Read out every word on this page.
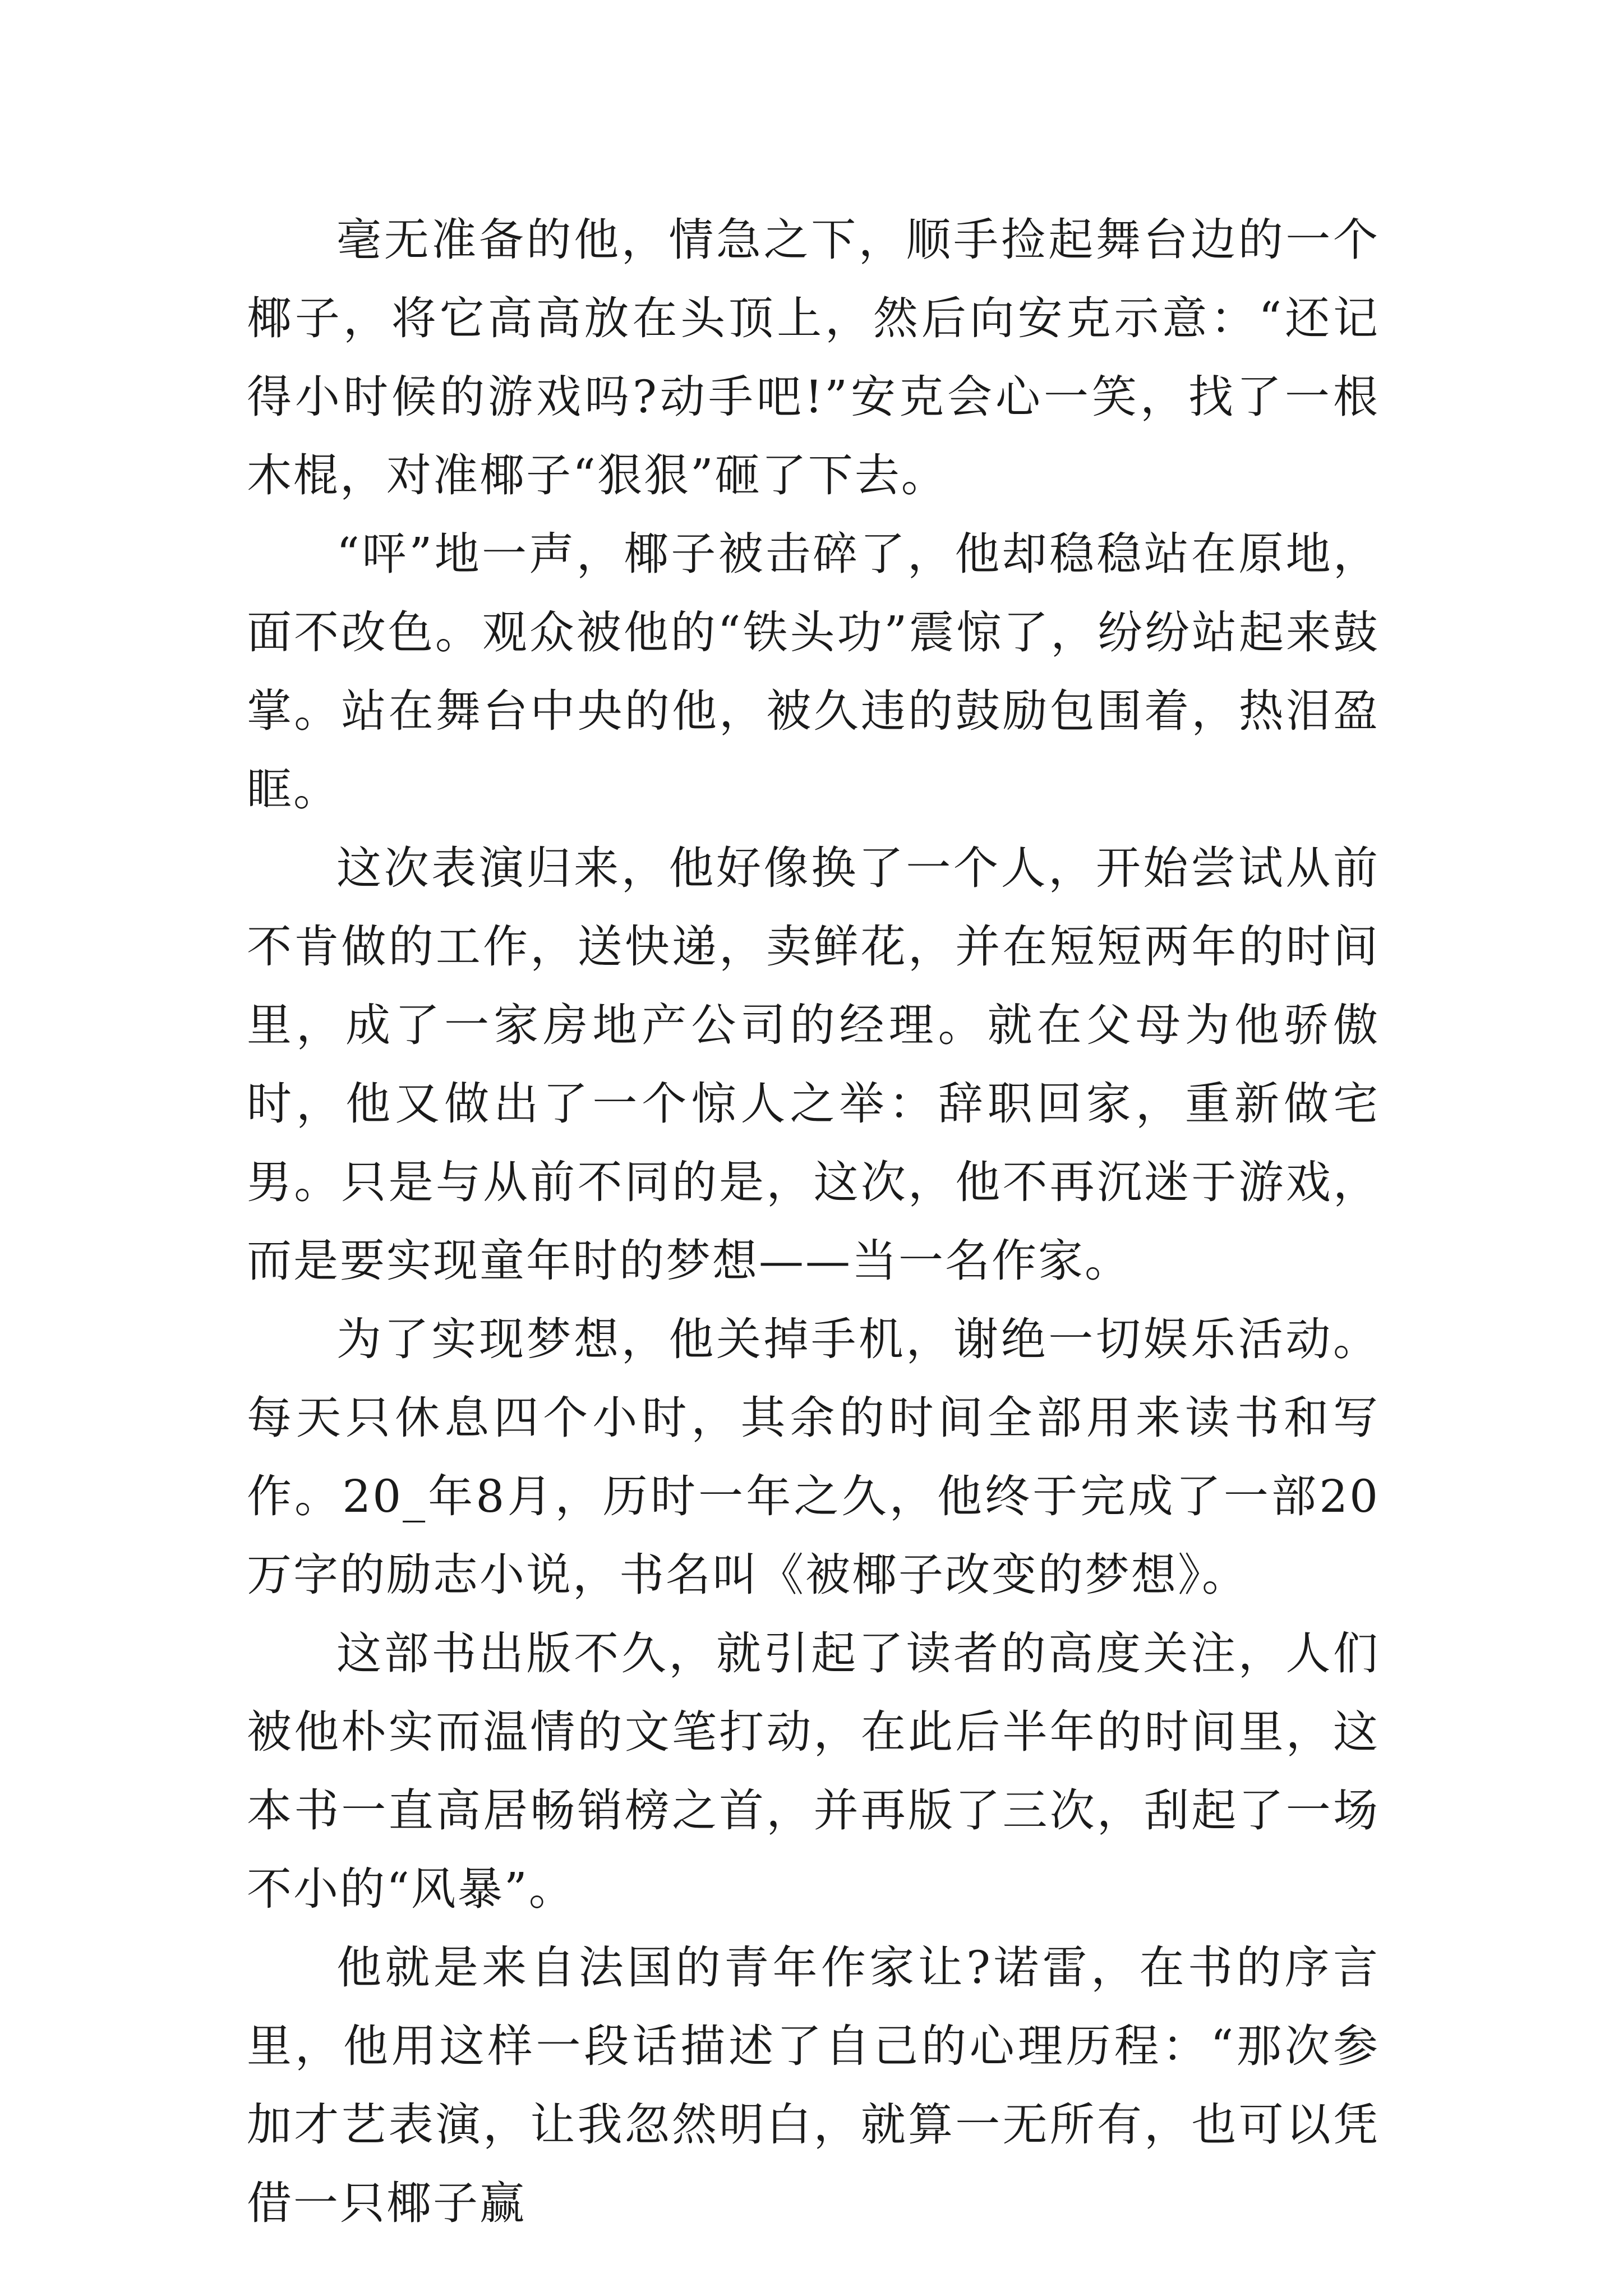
毫无准备的他，情急之下，顺手捡起舞台边的一个椰子，将它高高放在头顶上，然后向安克示意：“还记得小时候的游戏吗?动手吧!”安克会心一笑，找了一根木棍，对准椰子“狠狠”砸了下去。

“呯”地一声，椰子被击碎了，他却稳稳站在原地，面不改色。观众被他的“铁头功”震惊了，纷纷站起来鼓掌。站在舞台中央的他，被久违的鼓励包围着，热泪盈眶。

这次表演归来，他好像换了一个人，开始尝试从前不肯做的工作，送快递，卖鲜花，并在短短两年的时间里，成了一家房地产公司的经理。就在父母为他骄傲时，他又做出了一个惊人之举：辞职回家，重新做宅男。只是与从前不同的是，这次，他不再沉迷于游戏，而是要实现童年时的梦想——当一名作家。

为了实现梦想，他关掉手机，谢绝一切娱乐活动。每天只休息四个小时，其余的时间全部用来读书和写作。20_年8月，历时一年之久，他终于完成了一部20万字的励志小说，书名叫《被椰子改变的梦想》。

这部书出版不久，就引起了读者的高度关注，人们被他朴实而温情的文笔打动，在此后半年的时间里，这本书一直高居畅销榜之首，并再版了三次，刮起了一场不小的“风暴”。

他就是来自法国的青年作家让?诺雷，在书的序言里，他用这样一段话描述了自己的心理历程：“那次参加才艺表演，让我忽然明白，就算一无所有，也可以凭借一只椰子赢
